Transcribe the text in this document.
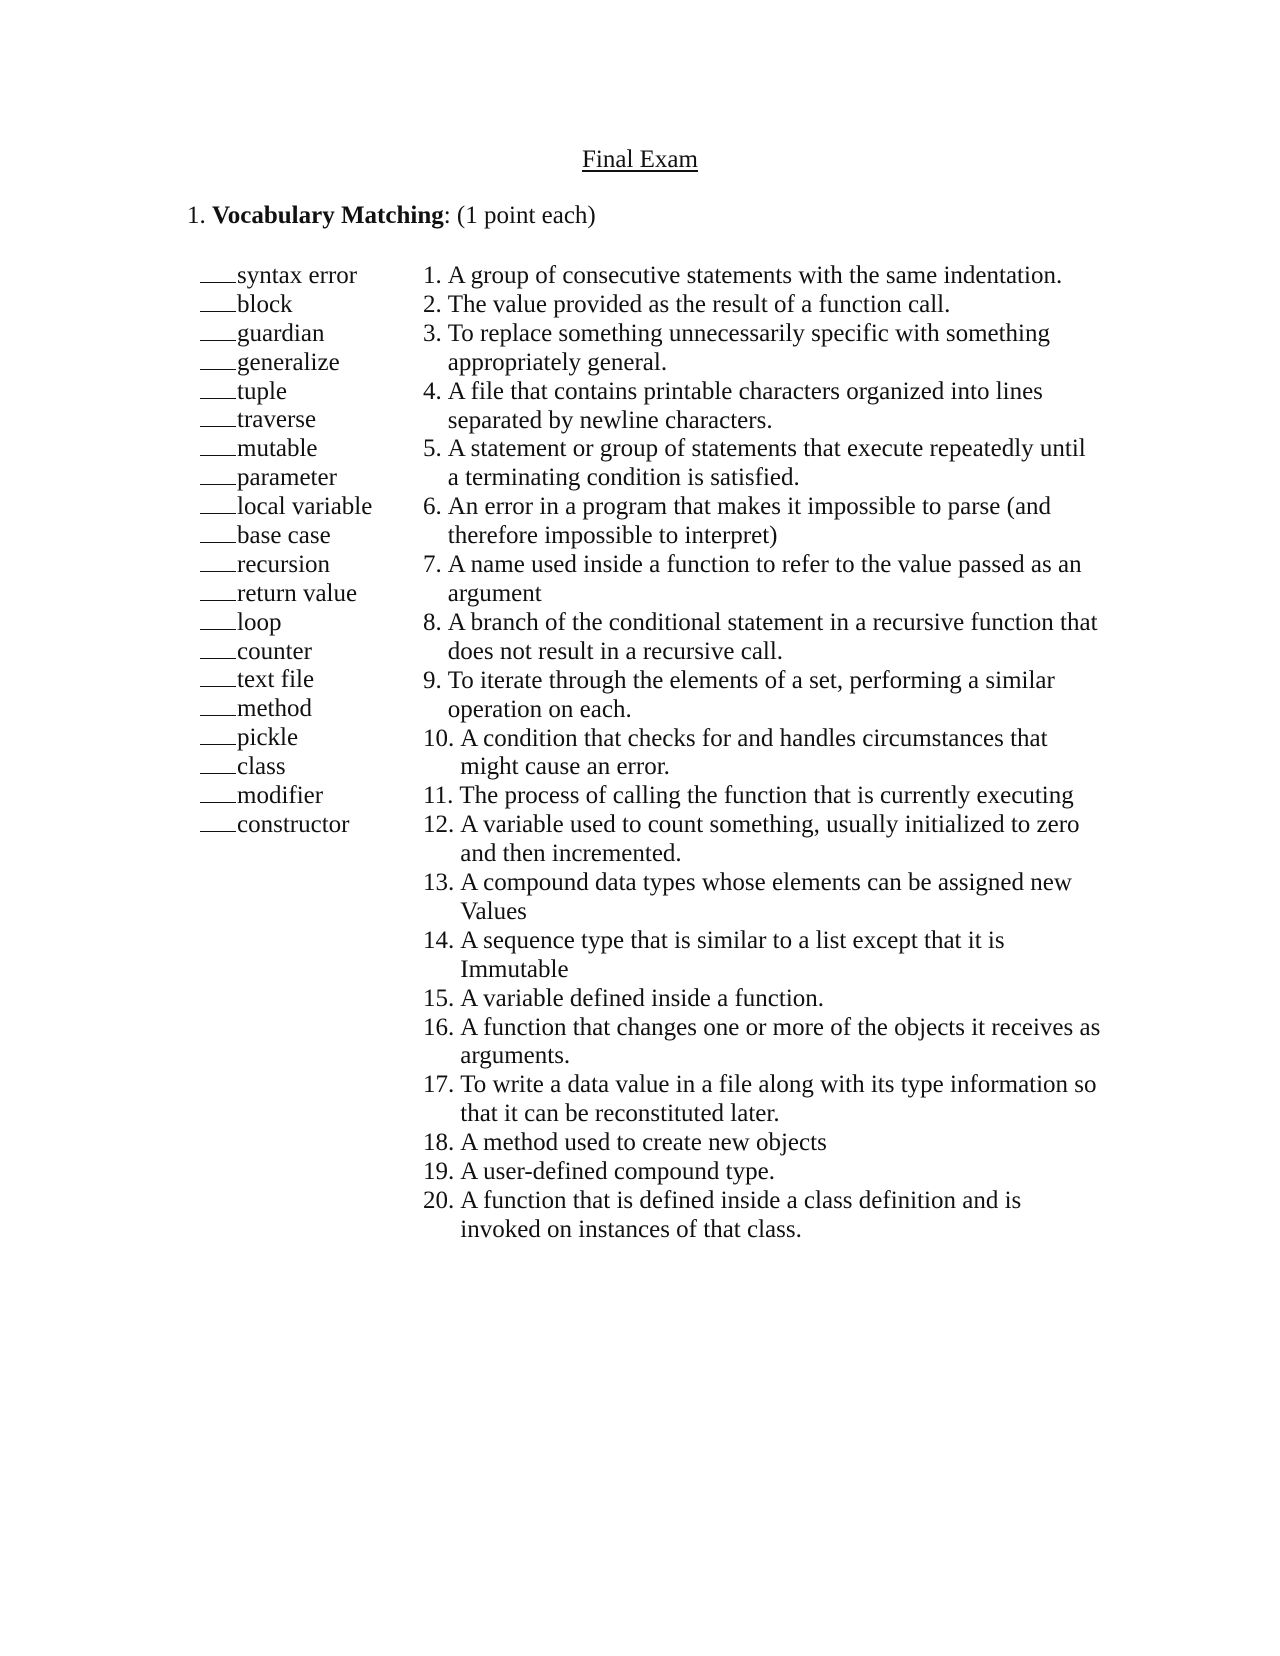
Final Exam
1. Vocabulary Matching: (1 point each)
syntax error
block
guardian
generalize
tuple
traverse
mutable
parameter
local variable
base case
recursion
return value
loop
counter
text file
method
pickle
class
modifier
constructor
1. A group of consecutive statements with the same indentation.
2. The value provided as the result of a function call.
3. To replace something unnecessarily specific with something appropriately general.
4. A file that contains printable characters organized into lines separated by newline characters.
5. A statement or group of statements that execute repeatedly until a terminating condition is satisfied.
6. An error in a program that makes it impossible to parse (and therefore impossible to interpret)
7. A name used inside a function to refer to the value passed as an argument
8. A branch of the conditional statement in a recursive function that does not result in a recursive call.
9. To iterate through the elements of a set, performing a similar operation on each.
10. A condition that checks for and handles circumstances that might cause an error.
11. The process of calling the function that is currently executing
12. A variable used to count something, usually initialized to zero and then incremented.
13. A compound data types whose elements can be assigned new Values
14. A sequence type that is similar to a list except that it is Immutable
15. A variable defined inside a function.
16. A function that changes one or more of the objects it receives as arguments.
17. To write a data value in a file along with its type information so that it can be reconstituted later.
18. A method used to create new objects
19. A user-defined compound type.
20. A function that is defined inside a class definition and is invoked on instances of that class.
